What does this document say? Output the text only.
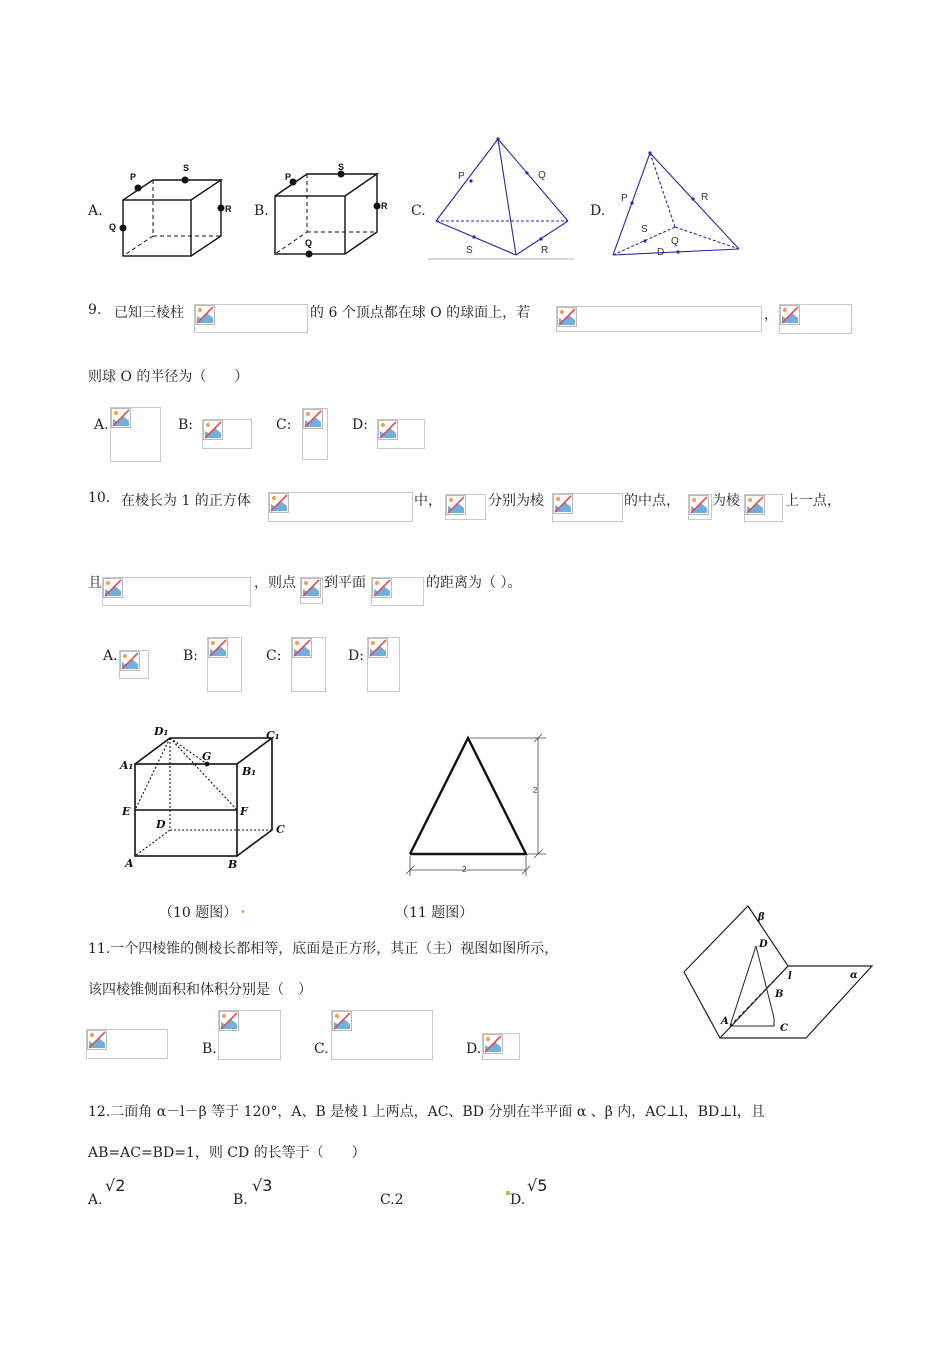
A.
P
S
R
Q
B.
P
S
R
Q
C.
P	Q
S	R
D.
P	R
S
Q
D
9. 已知三棱柱	的 6 个顶点都在球 O 的球面上，若	，
则球 O 的半径为（　　）
A.	B:	C:	D:
10. 在棱长为 1 的正方体	中，	分别为棱	的中点， 为棱	上一点，
且	，则点 到平面	的距离为（ ）。
A.	B:	C:	D:
D₁	C₁
G
A₁	B₁
E	F
D	C
A	B
2
2
（10 题图） .	（11 题图）
11.一个四棱锥的侧棱长都相等，底面是正方形，其正（主）视图如图所示，
该四棱锥侧面积和体积分别是（　）
B.	C.	D.
β
D
l	α
B
A
C
12.二面角 α－l－β 等于 120°，A、B 是棱 l 上两点，AC、BD 分别在半平面 α 、β 内，AC⊥l，BD⊥l，且
AB=AC=BD=1，则 CD 的长等于（　　）
A.
√2
B.
√3
C.2	D.
√5
